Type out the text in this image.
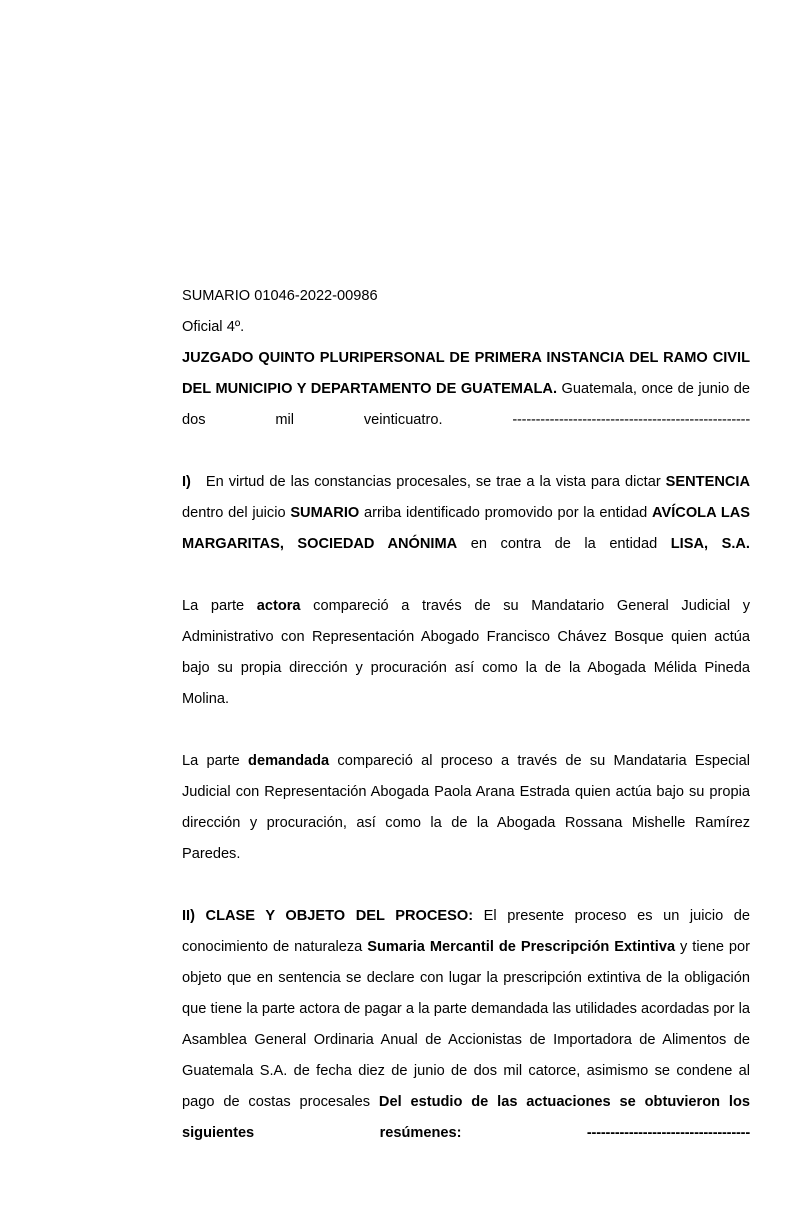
SUMARIO 01046-2022-00986

Oficial 4º.

JUZGADO QUINTO PLURIPERSONAL DE PRIMERA INSTANCIA DEL RAMO CIVIL DEL MUNICIPIO Y DEPARTAMENTO DE GUATEMALA. Guatemala, once de junio de dos mil veinticuatro. ---------------------------------------------------

I) En virtud de las constancias procesales, se trae a la vista para dictar SENTENCIA dentro del juicio SUMARIO arriba identificado promovido por la entidad AVÍCOLA LAS MARGARITAS, SOCIEDAD ANÓNIMA en contra de la entidad LISA, S.A.

La parte actora compareció a través de su Mandatario General Judicial y Administrativo con Representación Abogado Francisco Chávez Bosque quien actúa bajo su propia dirección y procuración así como la de la Abogada Mélida Pineda Molina.

La parte demandada compareció al proceso a través de su Mandataria Especial Judicial con Representación Abogada Paola Arana Estrada quien actúa bajo su propia dirección y procuración, así como la de la Abogada Rossana Mishelle Ramírez Paredes.

II) CLASE Y OBJETO DEL PROCESO: El presente proceso es un juicio de conocimiento de naturaleza Sumaria Mercantil de Prescripción Extintiva y tiene por objeto que en sentencia se declare con lugar la prescripción extintiva de la obligación que tiene la parte actora de pagar a la parte demandada las utilidades acordadas por la Asamblea General Ordinaria Anual de Accionistas de Importadora de Alimentos de Guatemala S.A. de fecha diez de junio de dos mil catorce, asimismo se condene al pago de costas procesales Del estudio de las actuaciones se obtuvieron los siguientes resúmenes: -----------------------------------
